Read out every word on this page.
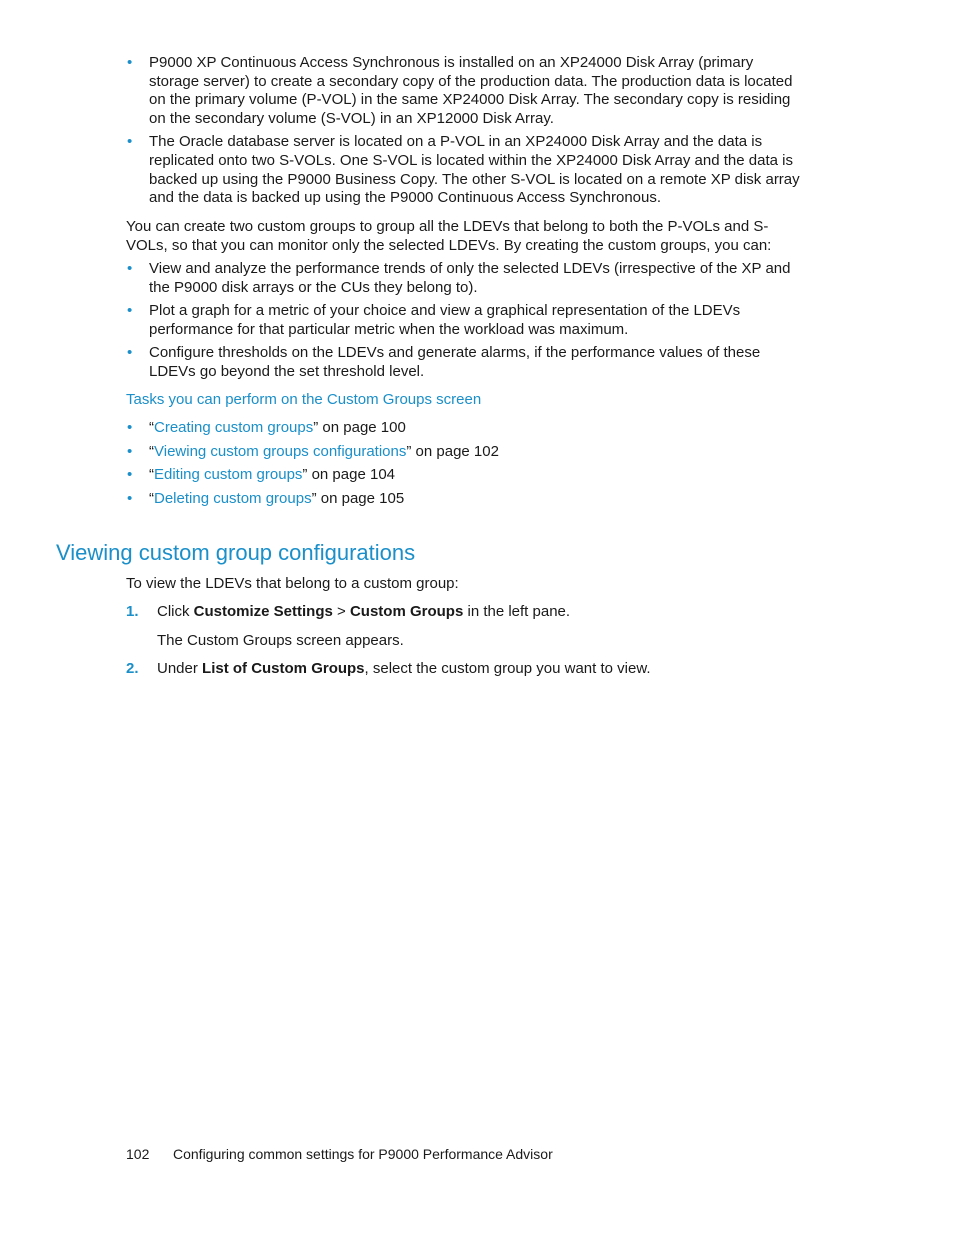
• P9000 XP Continuous Access Synchronous is installed on an XP24000 Disk Array (primary storage server) to create a secondary copy of the production data. The production data is located on the primary volume (P-VOL) in the same XP24000 Disk Array. The secondary copy is residing on the secondary volume (S-VOL) in an XP12000 Disk Array.
• The Oracle database server is located on a P-VOL in an XP24000 Disk Array and the data is replicated onto two S-VOLs. One S-VOL is located within the XP24000 Disk Array and the data is backed up using the P9000 Business Copy. The other S-VOL is located on a remote XP disk array and the data is backed up using the P9000 Continuous Access Synchronous.

You can create two custom groups to group all the LDEVs that belong to both the P-VOLs and S-VOLs, so that you can monitor only the selected LDEVs. By creating the custom groups, you can:

• View and analyze the performance trends of only the selected LDEVs (irrespective of the XP and the P9000 disk arrays or the CUs they belong to).
• Plot a graph for a metric of your choice and view a graphical representation of the LDEVs performance for that particular metric when the workload was maximum.
• Configure thresholds on the LDEVs and generate alarms, if the performance values of these LDEVs go beyond the set threshold level.

Tasks you can perform on the Custom Groups screen

• “Creating custom groups” on page 100
• “Viewing custom groups configurations” on page 102
• “Editing custom groups” on page 104
• “Deleting custom groups” on page 105
Viewing custom group configurations

To view the LDEVs that belong to a custom group:

1. Click Customize Settings > Custom Groups in the left pane.
The Custom Groups screen appears.
2. Under List of Custom Groups, select the custom group you want to view.
102 Configuring common settings for P9000 Performance Advisor
